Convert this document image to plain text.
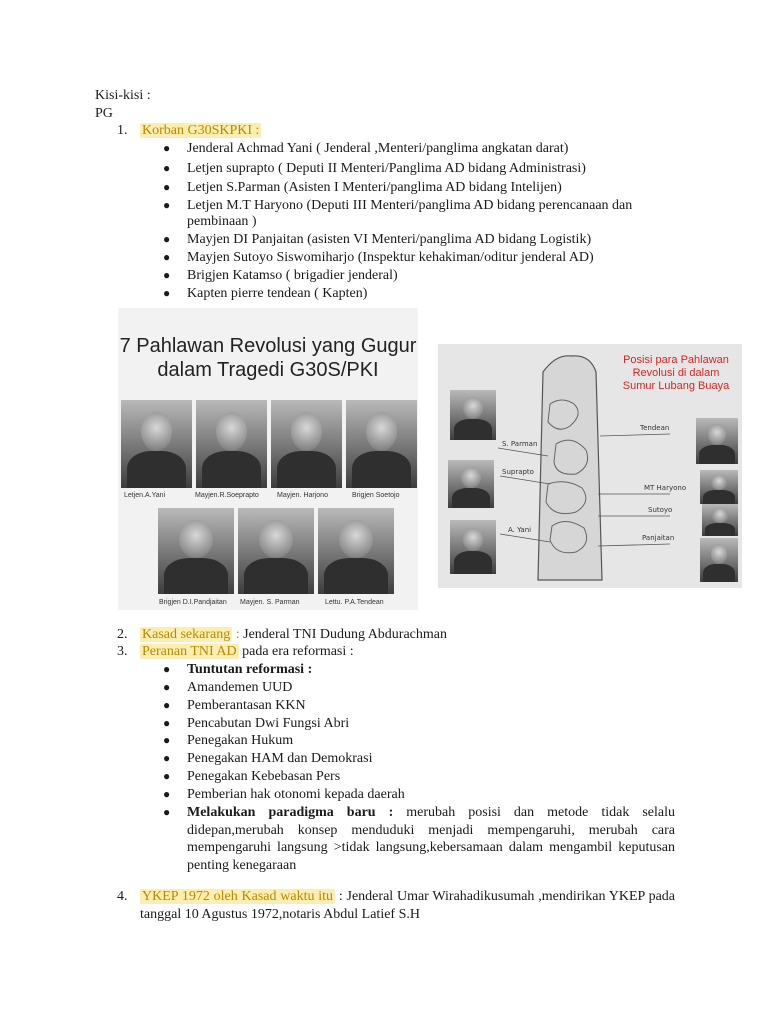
Kisi-kisi :
PG
1. Korban G30SKPKI :
● Jenderal Achmad Yani ( Jenderal ,Menteri/panglima angkatan darat)
● Letjen suprapto ( Deputi II Menteri/Panglima AD bidang Administrasi)
● Letjen S.Parman (Asisten I Menteri/panglima AD bidang Intelijen)
● Letjen M.T Haryono (Deputi III Menteri/panglima AD bidang perencanaan dan
pembinaan )
● Mayjen DI Panjaitan (asisten VI Menteri/panglima AD bidang Logistik)
● Mayjen Sutoyo Siswomiharjo (Inspektur kehakiman/oditur jenderal AD)
● Brigjen Katamso ( brigadier jenderal)
● Kapten pierre tendean ( Kapten)
7 Pahlawan Revolusi yang Gugur
dalam Tragedi G30S/PKI
Letjen.A.Yani	Mayjen.R.Soeprapto	Mayjen. Harjono	Brigjen Soetojo
Brigjen D.I.Pandjaitan Mayjen. S. Parman	Lettu. P.A.Tendean
Posisi para Pahlawan Revolusi di dalam Sumur Lubang Buaya
S. Parman
Suprapto
A. Yani
Tendean
MT Haryono
Sutoyo
Panjaitan
2. Kasad sekarang : Jenderal TNI Dudung Abdurachman
3. Peranan TNI AD pada era reformasi :
● Tuntutan reformasi :
● Amandemen UUD
● Pemberantasan KKN
● Pencabutan Dwi Fungsi Abri
● Penegakan Hukum
● Penegakan HAM dan Demokrasi
● Penegakan Kebebasan Pers
● Pemberian hak otonomi kepada daerah
● Melakukan paradigma baru : merubah posisi dan metode tidak selalu didepan,merubah konsep menduduki menjadi mempengaruhi, merubah cara mempengaruhi langsung >tidak langsung,kebersamaan dalam mengambil keputusan penting kenegaraan
4. YKEP 1972 oleh Kasad waktu itu : Jenderal Umar Wirahadikusumah ,mendirikan YKEP pada tanggal 10 Agustus 1972,notaris Abdul Latief S.H
